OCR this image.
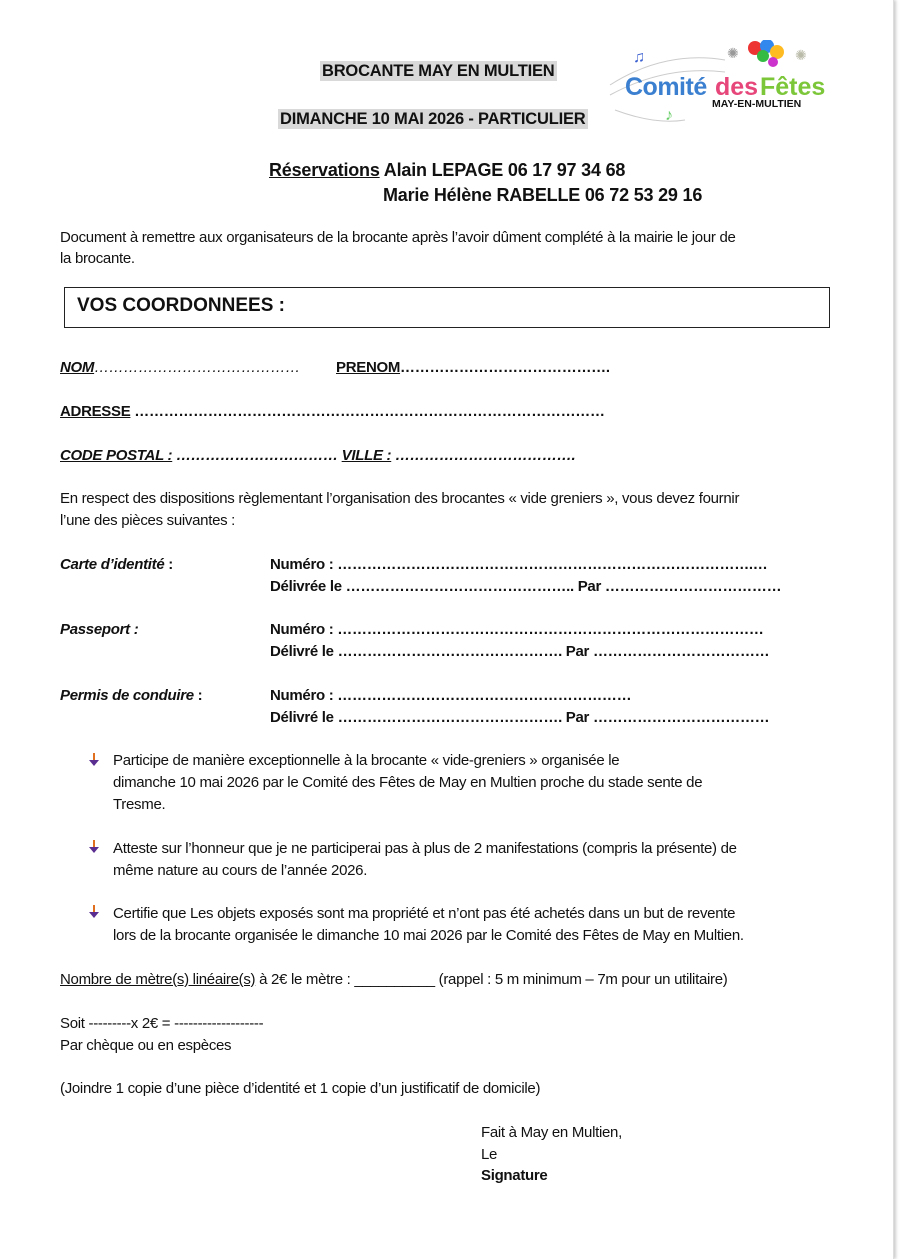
BROCANTE MAY EN MULTIEN
DIMANCHE 10 MAI 2026 - PARTICULIER
♫
♪
✺	✺
Comité des Fêtes
MAY-EN-MULTIEN
Réservations Alain LEPAGE 06 17 97 34 68
Marie Hélène RABELLE 06 72 53 29 16
Document à remettre aux organisateurs de la brocante après l’avoir dûment complété à la mairie le jour de
la brocante.
VOS COORDONNEES :
NOM…………………………………… PRENOM…………………………………….
ADRESSE ……………………………………………………………………………………
CODE POSTAL : …………………………… VILLE : ……………………………….
En respect des dispositions règlementant l’organisation des brocantes « vide greniers », vous devez fournir
l’une des pièces suivantes :
Carte d’identité :	Numéro : ………………………………………………………………………….…
Délivrée le ……………………………………….. Par ………………………………
Passeport :	Numéro : ……………………………………………………………………………
Délivré le ………………………………………. Par ………………………………
Permis de conduire :	Numéro : ……………………………………………………
Délivré le ………………………………………. Par ………………………………
Participe de manière exceptionnelle à la brocante « vide-greniers » organisée le
dimanche 10 mai 2026 par le Comité des Fêtes de May en Multien proche du stade sente de
Tresme.
Atteste sur l’honneur que je ne participerai pas à plus de 2 manifestations (compris la présente) de
même nature au cours de l’année 2026.
Certifie que Les objets exposés sont ma propriété et n’ont pas été achetés dans un but de revente
lors de la brocante organisée le dimanche 10 mai 2026 par le Comité des Fêtes de May en Multien.
Nombre de mètre(s) linéaire(s) à 2€ le mètre : __________ (rappel : 5 m minimum – 7m pour un utilitaire)
Soit ---------x 2€ = -------------------
Par chèque ou en espèces
(Joindre 1 copie d’une pièce d’identité et 1 copie d’un justificatif de domicile)
Fait à May en Multien,
Le
Signature
